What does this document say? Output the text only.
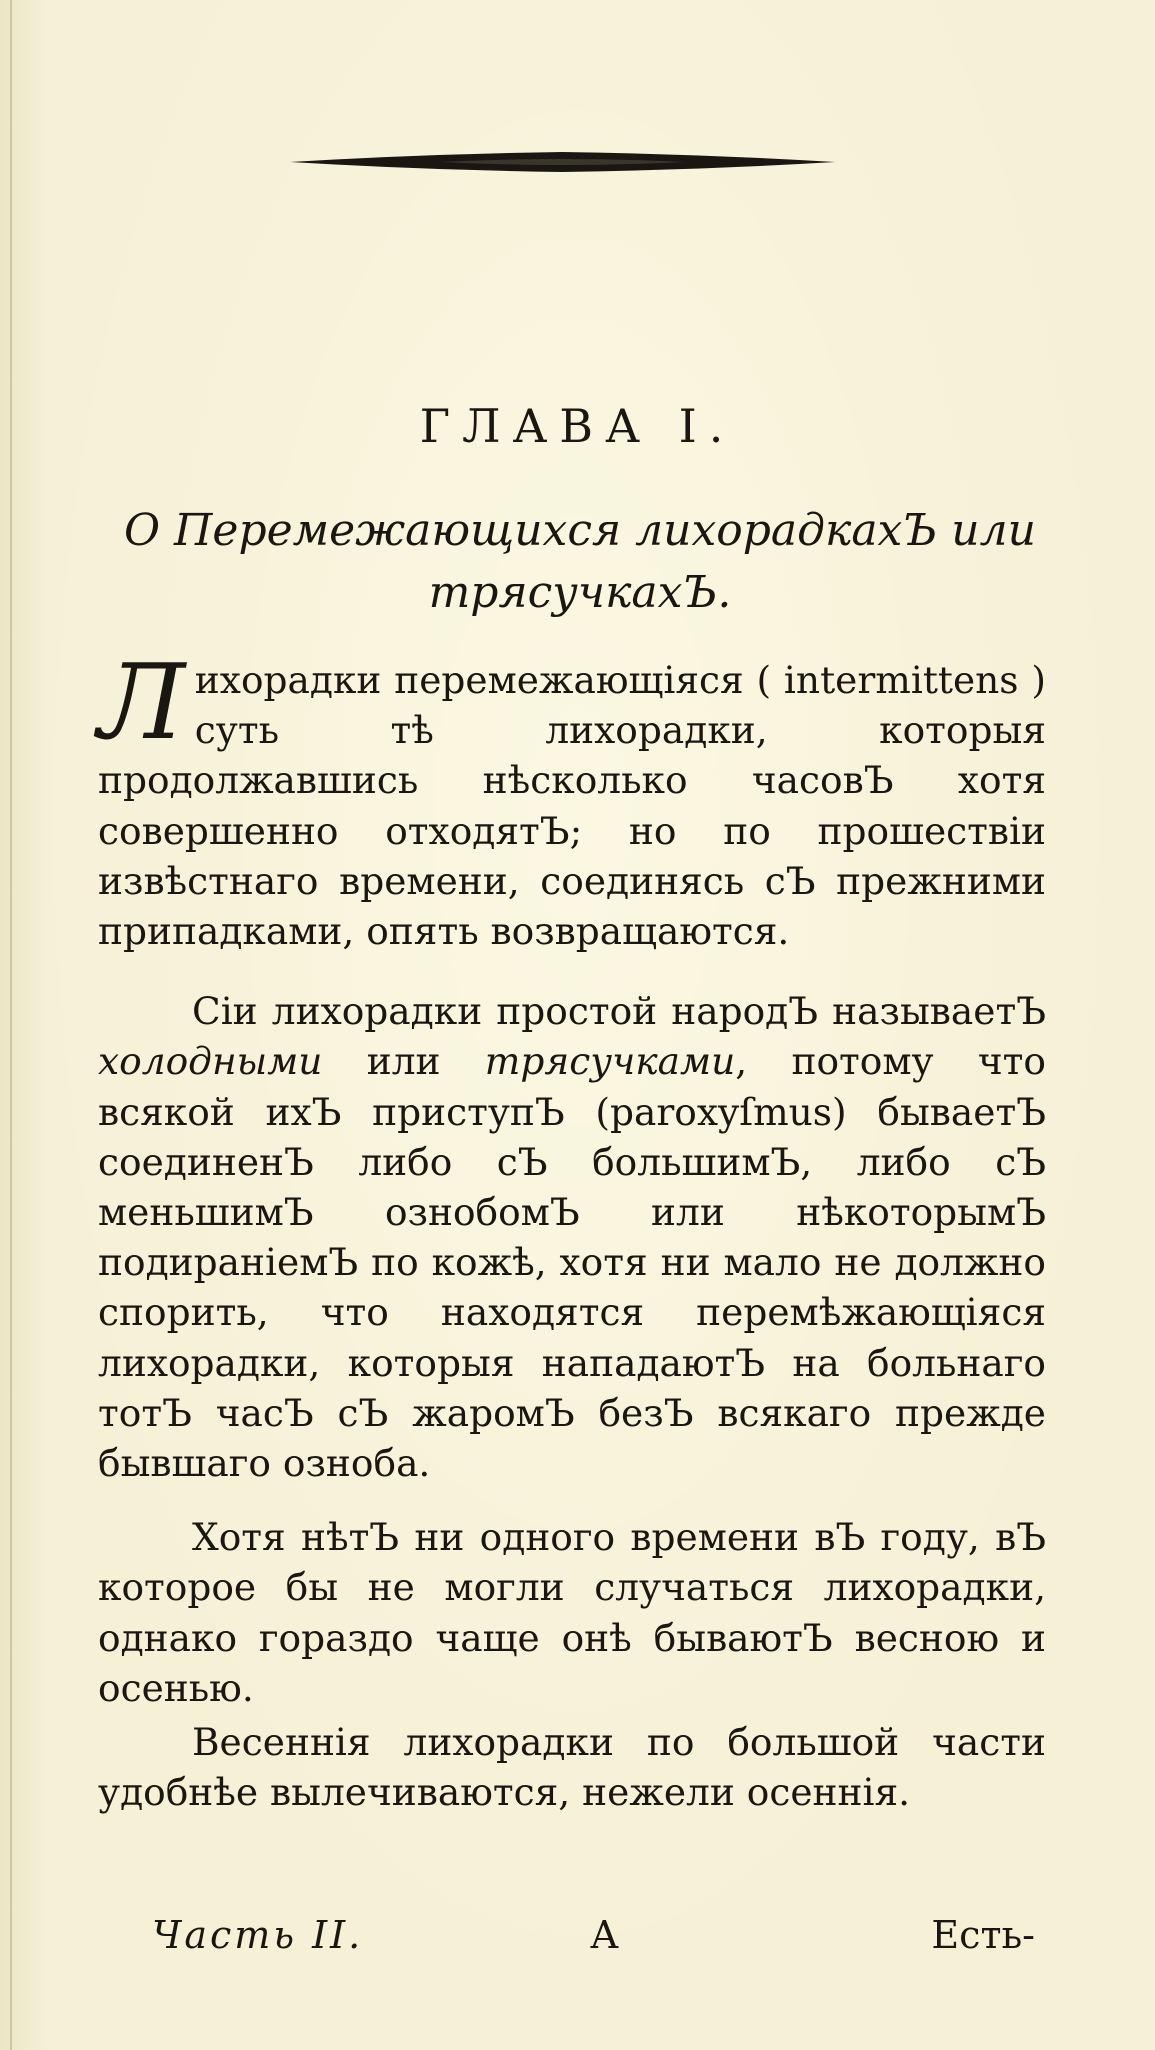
ГЛАВА I.
О Перемежающихся лихорадкахЪ или
трясучкахЪ.

Лихорадки перемежающіяся ( intermittens ) суть тѣ лихорадки, которыя продолжавшись нѣсколько часовЪ хотя совершенно отходятЪ; но по прошествіи извѣстнаго времени, соединясь сЪ прежними припадками, опять возвращаются.

Сіи лихорадки простой народЪ называетЪ холодными или трясучками, потому что всякой ихЪ приступЪ (paroxyſmus) бываетЪ соединенЪ либо сЪ большимЪ, либо сЪ меньшимЪ ознобомЪ или нѣкоторымЪ подираніемЪ по кожѣ, хотя ни мало не должно спорить, что находятся перемѣжающіяся лихорадки, которыя нападаютЪ на больнаго тотЪ часЪ сЪ жаромЪ безЪ всякаго прежде бывшаго озноба.

Хотя нѣтЪ ни одного времени вЪ году, вЪ которое бы не могли случаться лихорадки, однако гораздо чаще онѣ бываютЪ весною и осенью.

Весеннія лихорадки по большой части удобнѣе вылечиваются, нежели осеннія.

Часть II.	А	Есть-
